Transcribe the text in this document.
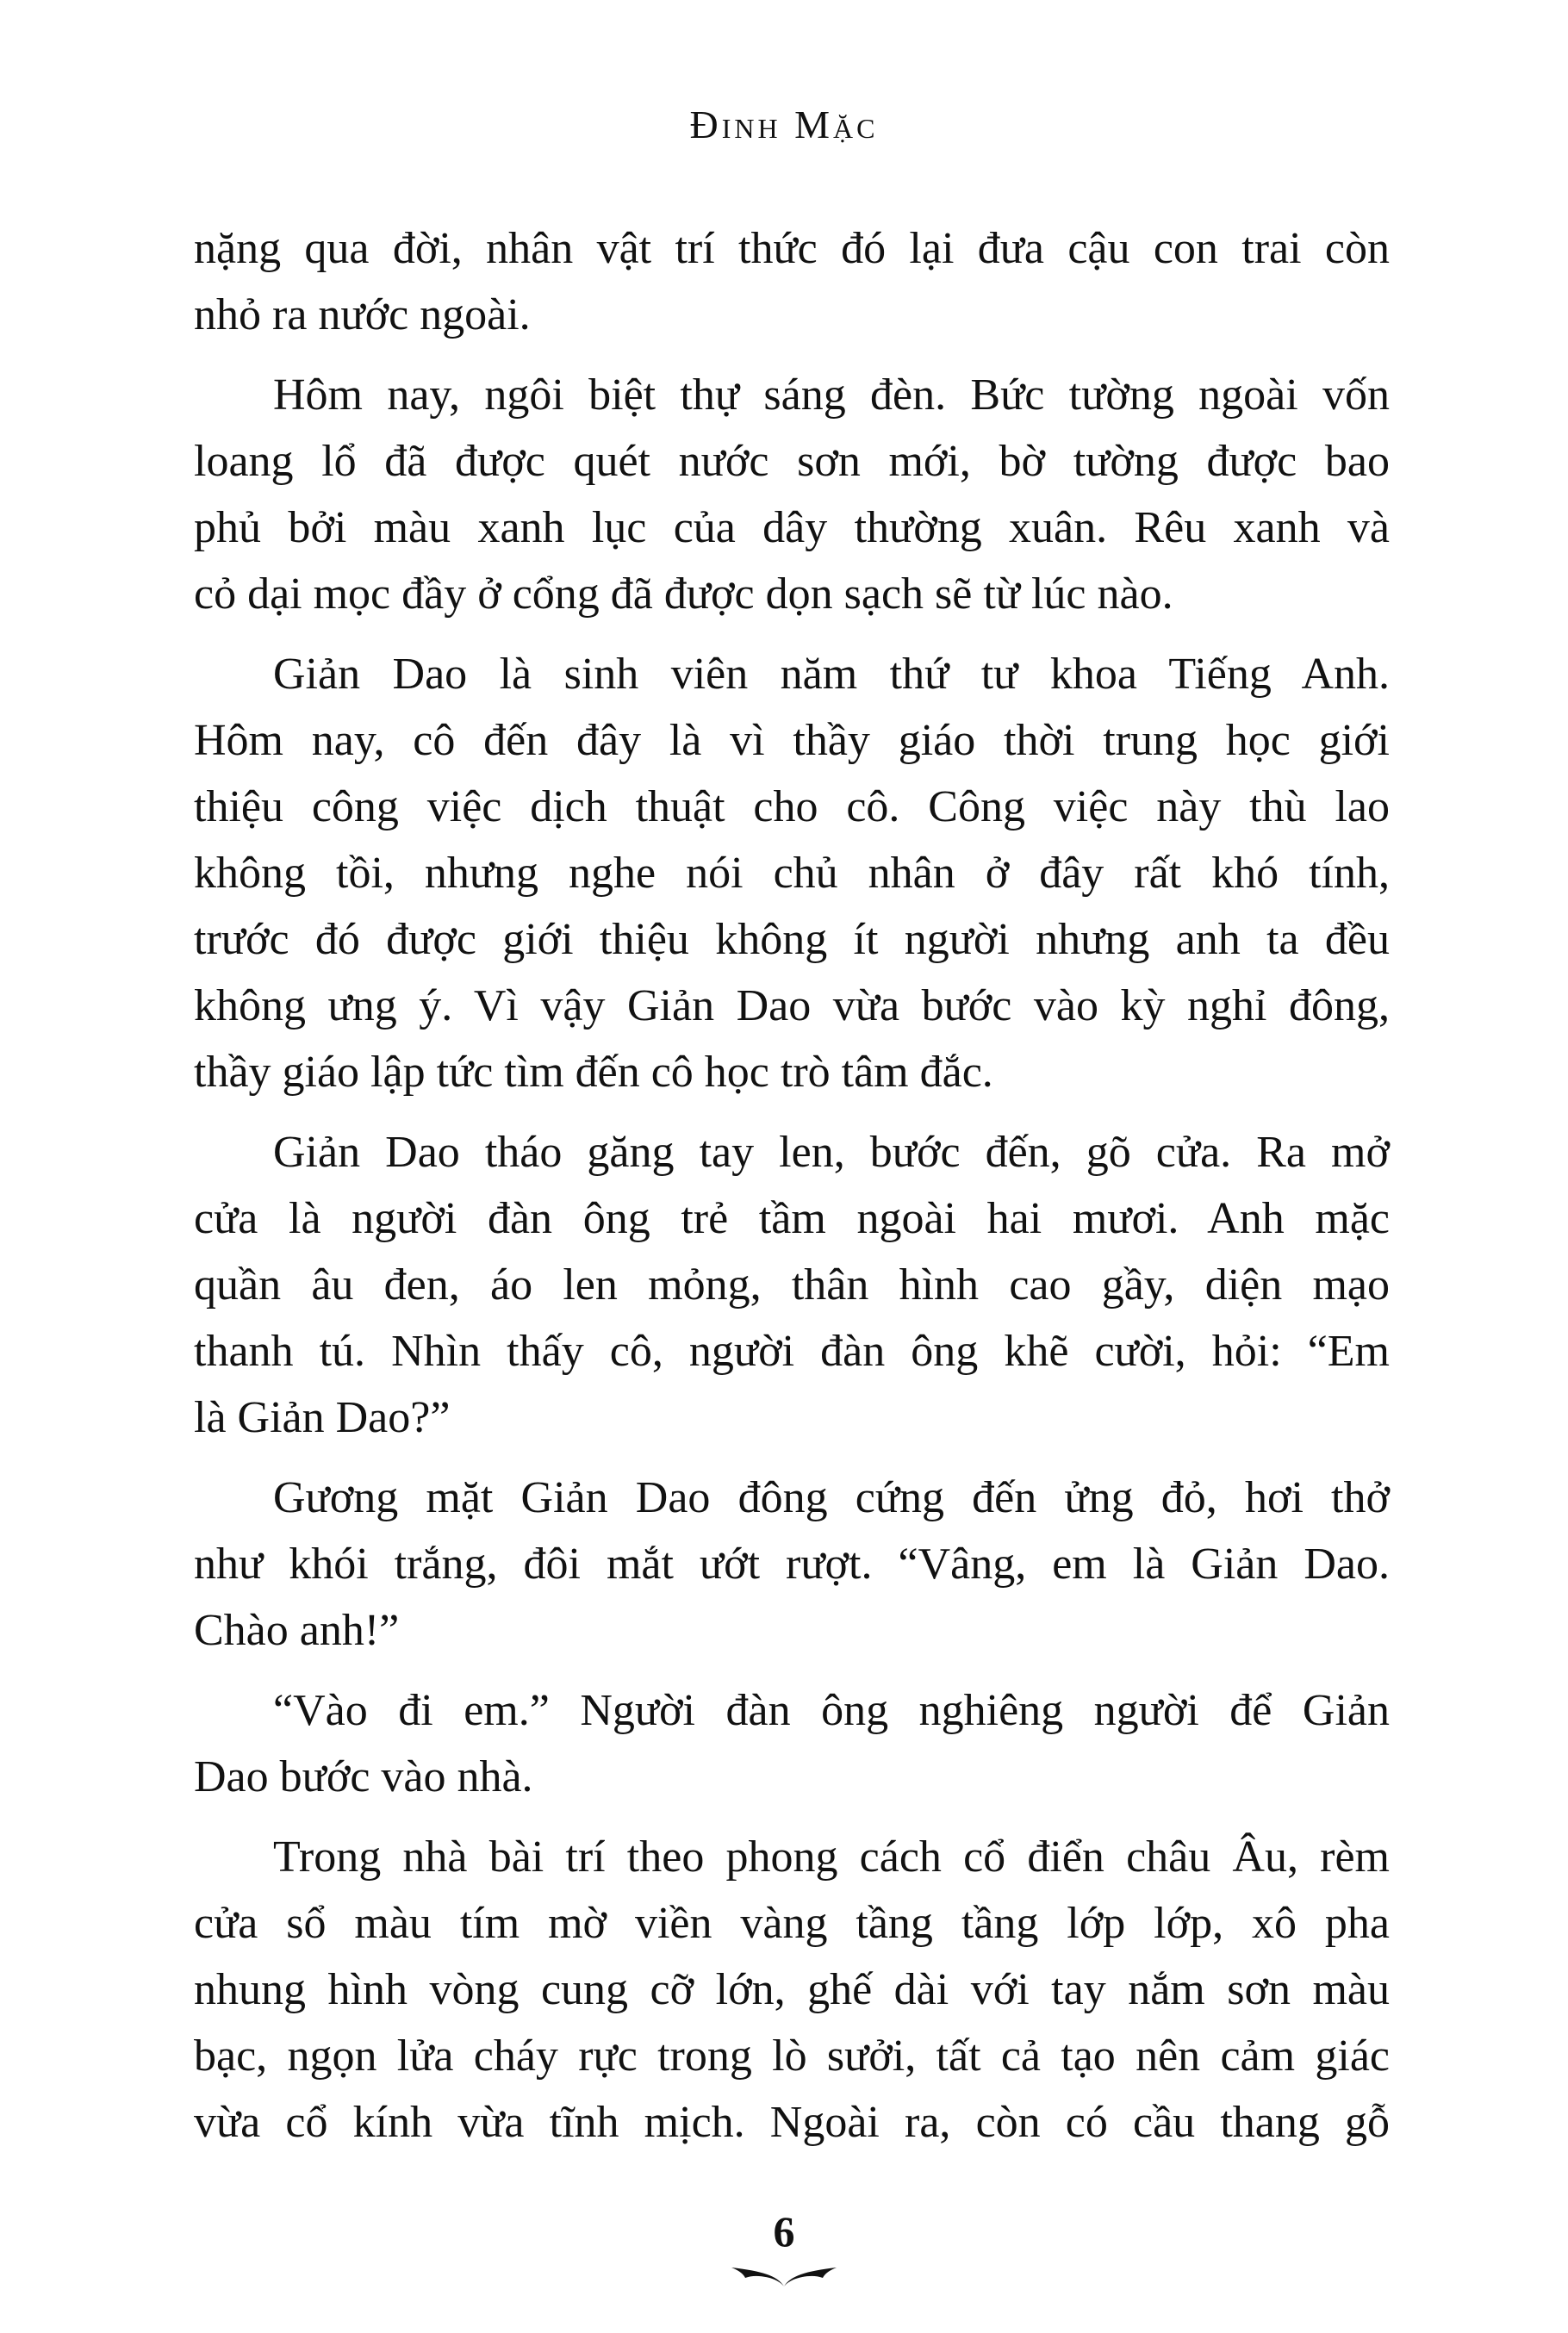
Đinh Mặc
nặng qua đời, nhân vật trí thức đó lại đưa cậu con trai còn
nhỏ ra nước ngoài.
Hôm nay, ngôi biệt thự sáng đèn. Bức tường ngoài vốn
loang lổ đã được quét nước sơn mới, bờ tường được bao
phủ bởi màu xanh lục của dây thường xuân. Rêu xanh và
cỏ dại mọc đầy ở cổng đã được dọn sạch sẽ từ lúc nào.
Giản Dao là sinh viên năm thứ tư khoa Tiếng Anh.
Hôm nay, cô đến đây là vì thầy giáo thời trung học giới
thiệu công việc dịch thuật cho cô. Công việc này thù lao
không tồi, nhưng nghe nói chủ nhân ở đây rất khó tính,
trước đó được giới thiệu không ít người nhưng anh ta đều
không ưng ý. Vì vậy Giản Dao vừa bước vào kỳ nghỉ đông,
thầy giáo lập tức tìm đến cô học trò tâm đắc.
Giản Dao tháo găng tay len, bước đến, gõ cửa. Ra mở
cửa là người đàn ông trẻ tầm ngoài hai mươi. Anh mặc
quần âu đen, áo len mỏng, thân hình cao gầy, diện mạo
thanh tú. Nhìn thấy cô, người đàn ông khẽ cười, hỏi: “Em
là Giản Dao?”
Gương mặt Giản Dao đông cứng đến ửng đỏ, hơi thở
như khói trắng, đôi mắt ướt rượt. “Vâng, em là Giản Dao.
Chào anh!”
“Vào đi em.” Người đàn ông nghiêng người để Giản
Dao bước vào nhà.
Trong nhà bài trí theo phong cách cổ điển châu Âu, rèm
cửa sổ màu tím mờ viền vàng tầng tầng lớp lớp, xô pha
nhung hình vòng cung cỡ lớn, ghế dài với tay nắm sơn màu
bạc, ngọn lửa cháy rực trong lò sưởi, tất cả tạo nên cảm giác
vừa cổ kính vừa tĩnh mịch. Ngoài ra, còn có cầu thang gỗ
6
